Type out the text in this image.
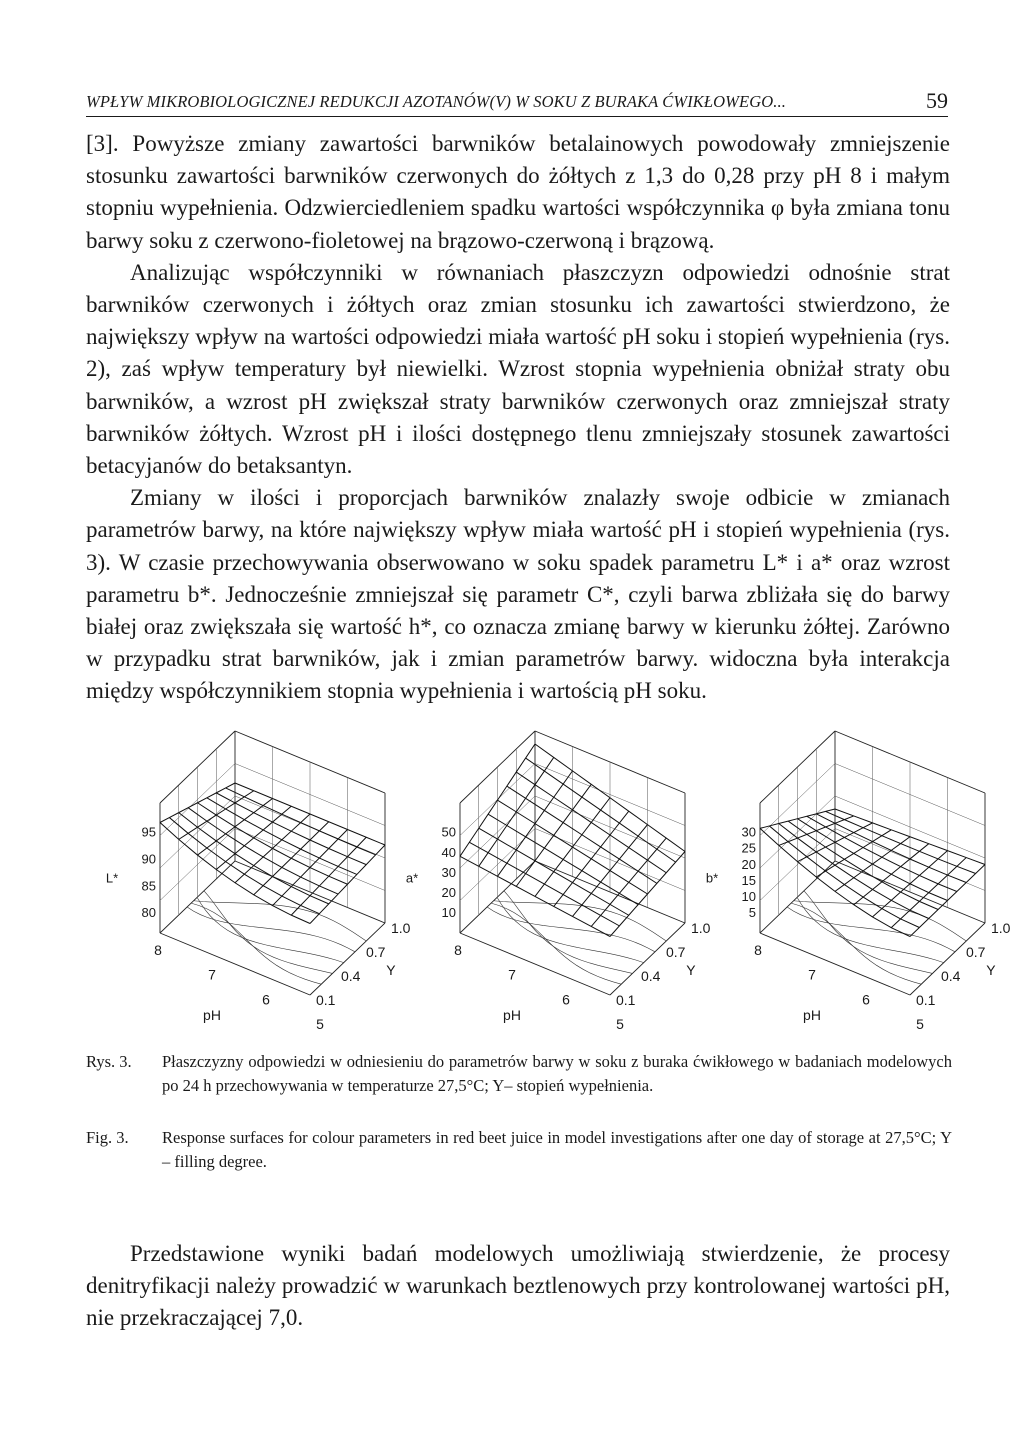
WPŁYW MIKROBIOLOGICZNEJ REDUKCJI AZOTANÓW(V) W SOKU Z BURAKA ĆWIKŁOWEGO...	59

[3]. Powyższe zmiany zawartości barwników betalainowych powodowały zmniejszenie stosunku zawartości barwników czerwonych do żółtych z 1,3 do 0,28 przy pH 8 i małym stopniu wypełnienia. Odzwierciedleniem spadku wartości współczynnika φ była zmiana tonu barwy soku z czerwono-fioletowej na brązowo-czerwoną i brązową.

Analizując współczynniki w równaniach płaszczyzn odpowiedzi odnośnie strat barwników czerwonych i żółtych oraz zmian stosunku ich zawartości stwierdzono, że największy wpływ na wartości odpowiedzi miała wartość pH soku i stopień wypełnienia (rys. 2), zaś wpływ temperatury był niewielki. Wzrost stopnia wypełnienia obniżał straty obu barwników, a wzrost pH zwiększał straty barwników czerwonych oraz zmniejszał straty barwników żółtych. Wzrost pH i ilości dostępnego tlenu zmniejszały stosunek zawartości betacyjanów do betaksantyn.

Zmiany w ilości i proporcjach barwników znalazły swoje odbicie w zmianach parametrów barwy, na które największy wpływ miała wartość pH i stopień wypełnienia (rys. 3). W czasie przechowywania obserwowano w soku spadek parametru L* i a* oraz wzrost parametru b*. Jednocześnie zmniejszał się parametr C*, czyli barwa zbliżała się do barwy białej oraz zwiększała się wartość h*, co oznacza zmianę barwy w kierunku żółtej. Zarówno w przypadku strat barwników, jak i zmian parametrów barwy. widoczna była interakcja między współczynnikiem stopnia wypełnienia i wartością pH soku.

95
90
85
80
L*
8
7
6
5
pH
1.0
0.7
0.4
0.1
Y
50
40
30
20
10
a*
8
7
6
5
pH
1.0
0.7
0.4
0.1
Y
30
25
20
15
10
5
b*
8
7
6
5
pH
1.0
0.7
0.4
0.1
Y
Rys. 3. Płaszczyzny odpowiedzi w odniesieniu do parametrów barwy w soku z buraka ćwikłowego w badaniach modelowych po 24 h przechowywania w temperaturze 27,5°C; Y– stopień wypełnienia.
Fig. 3. Response surfaces for colour parameters in red beet juice in model investigations after one day of storage at 27,5°C; Y – filling degree.

Przedstawione wyniki badań modelowych umożliwiają stwierdzenie, że procesy denitryfikacji należy prowadzić w warunkach beztlenowych przy kontrolowanej wartości pH, nie przekraczającej 7,0.
